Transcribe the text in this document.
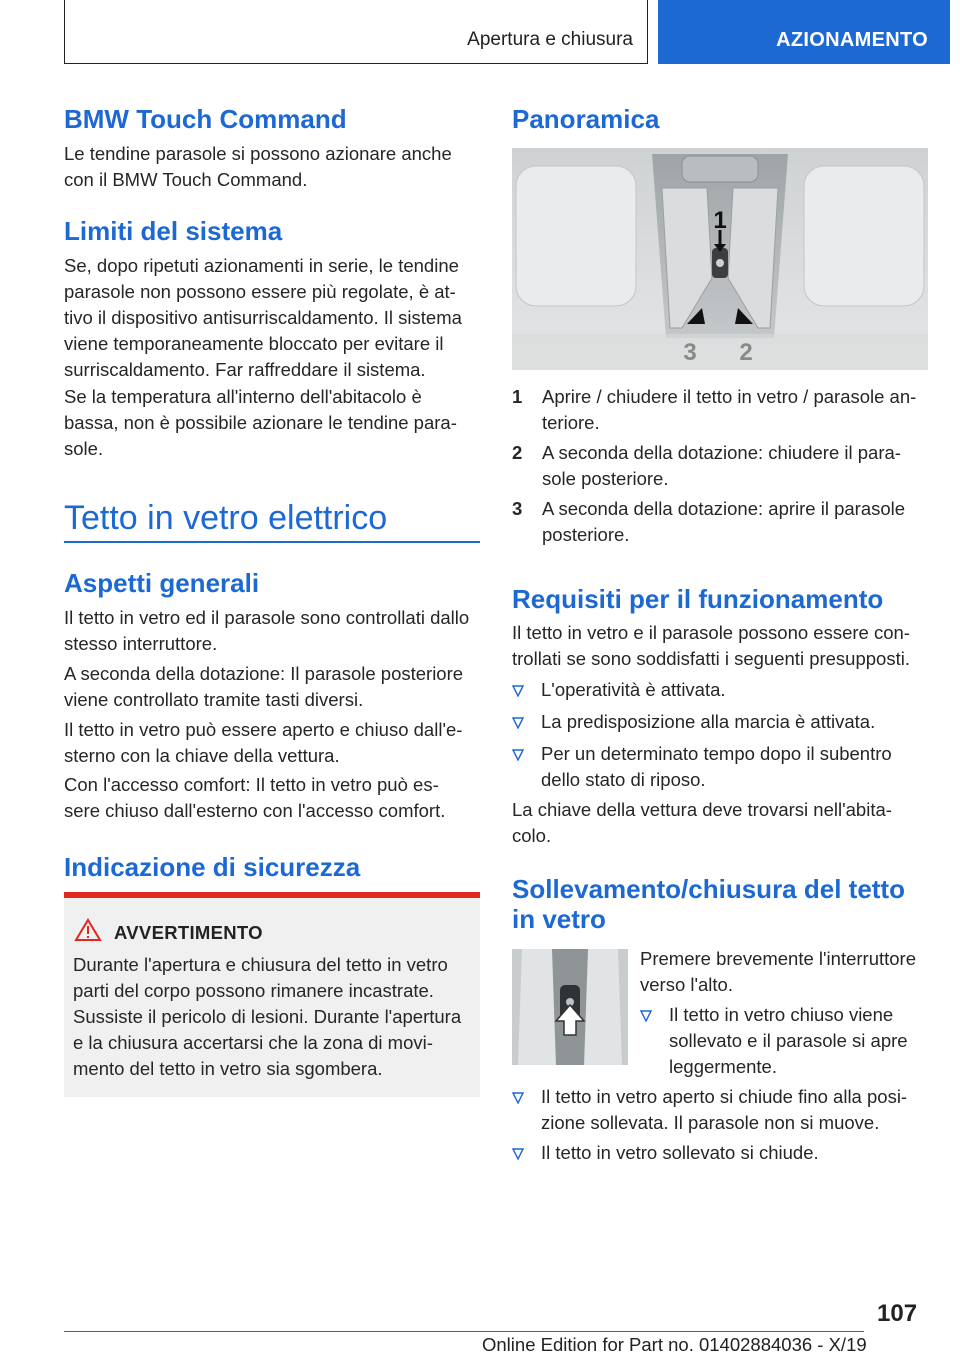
Apertura e chiusura	AZIONAMENTO
BMW Touch Command
Le tendine parasole si possono azionare anche
con il BMW Touch Command.
Limiti del sistema
Se, dopo ripetuti azionamenti in serie, le tendine
parasole non possono essere più regolate, è at-
tivo il dispositivo antisurriscaldamento. Il sistema
viene temporaneamente bloccato per evitare il
surriscaldamento. Far raffreddare il sistema.
Se la temperatura all'interno dell'abitacolo è
bassa, non è possibile azionare le tendine para-
sole.
Tetto in vetro elettrico
Aspetti generali
Il tetto in vetro ed il parasole sono controllati dallo
stesso interruttore.
A seconda della dotazione: Il parasole posteriore
viene controllato tramite tasti diversi.
Il tetto in vetro può essere aperto e chiuso dall'e-
sterno con la chiave della vettura.
Con l'accesso comfort: Il tetto in vetro può es-
sere chiuso dall'esterno con l'accesso comfort.
Indicazione di sicurezza
AVVERTIMENTO
Durante l'apertura e chiusura del tetto in vetro
parti del corpo possono rimanere incastrate.
Sussiste il pericolo di lesioni. Durante l'apertura
e la chiusura accertarsi che la zona di movi-
mento del tetto in vetro sia sgombera.
Panoramica
1
1 Aprire / chiudere il tetto in vetro / parasole an-
teriore.
2 A seconda della dotazione: chiudere il para-
sole posteriore.
3 A seconda della dotazione: aprire il parasole
posteriore.
Requisiti per il funzionamento
Il tetto in vetro e il parasole possono essere con-
trollati se sono soddisfatti i seguenti presupposti.
L'operatività è attivata.
La predisposizione alla marcia è attivata.
Per un determinato tempo dopo il subentro
dello stato di riposo.
La chiave della vettura deve trovarsi nell'abita-
colo.
Sollevamento/chiusura del tetto
in vetro
Premere brevemente l'interruttore
verso l'alto.
Il tetto in vetro chiuso viene
sollevato e il parasole si apre
leggermente.
Il tetto in vetro aperto si chiude fino alla posi-
zione sollevata. Il parasole non si muove.
Il tetto in vetro sollevato si chiude.
107
Online Edition for Part no. 01402884036 - X/19
